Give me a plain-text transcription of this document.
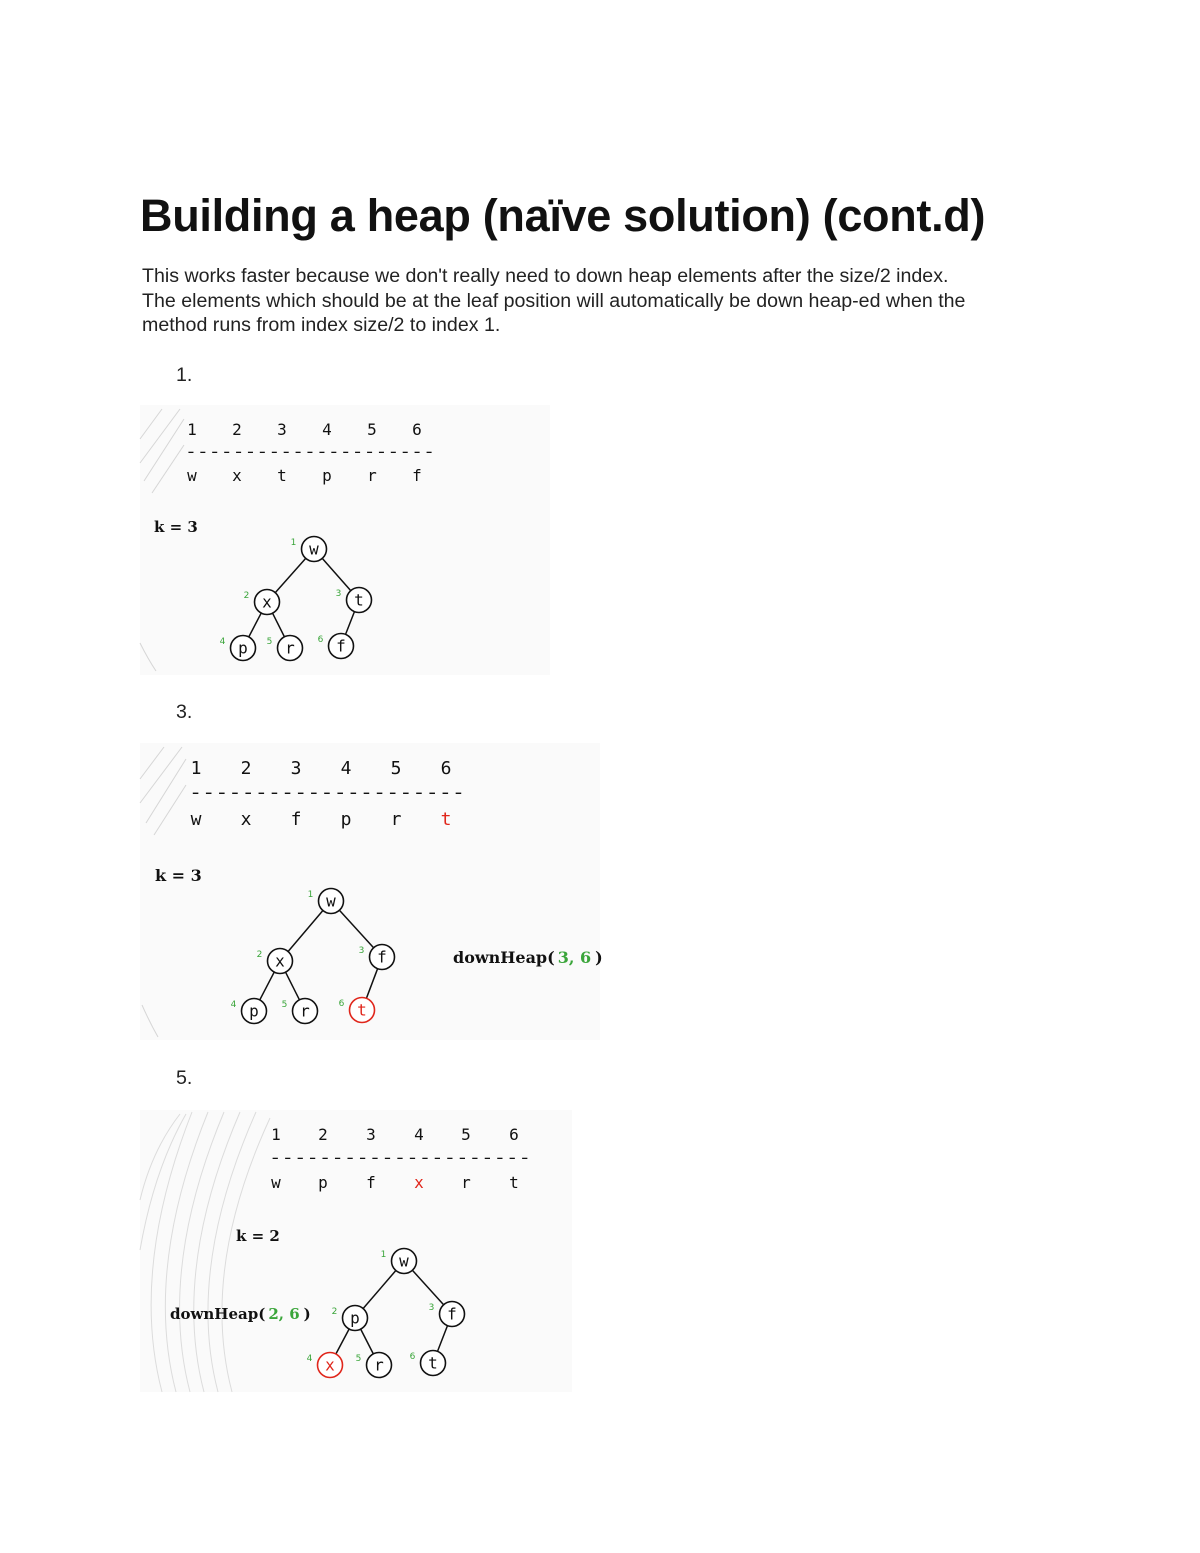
Building a heap (naïve solution) (cont.d)
This works faster because we don't really need to down heap elements after the size/2 index.
The elements which should be at the leaf position will automatically be down heap-ed when the
method runs from index size/2 to index 1.
1.
1 2 3 4 5 6
---------------------
w x t p r f
k = 3
w
1
x
2	t
3
p
4	r
5	f
6
3.
1 2 3 4 5 6
---------------------
w x f p r t
k = 3
w
1
x
2	f
3
p
4	r
5	t
6
downHeap( 3, 6 )
5.
1 2 3 4 5 6
---------------------
w p f x r t
k = 2
w
1
p
2	f
3
x
4	r
5	t
6
downHeap( 2, 6 )
